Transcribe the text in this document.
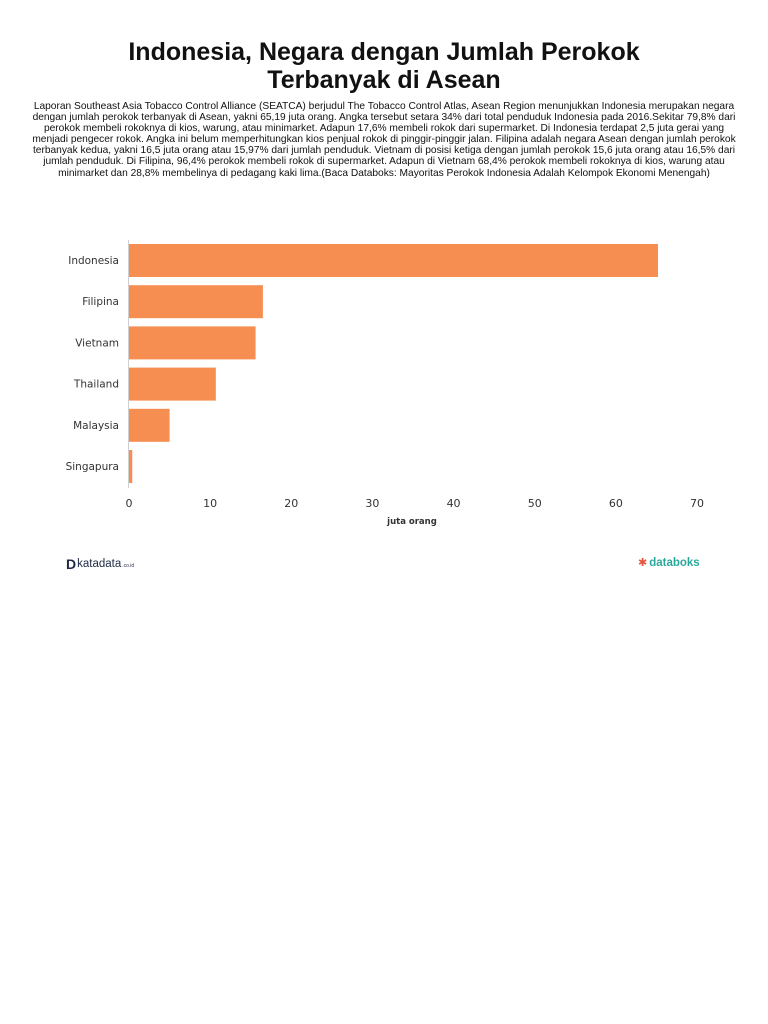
Indonesia, Negara dengan Jumlah Perokok Terbanyak di Asean

Laporan Southeast Asia Tobacco Control Alliance (SEATCA) berjudul The Tobacco Control Atlas, Asean Region menunjukkan Indonesia merupakan negara dengan jumlah perokok terbanyak di Asean, yakni 65,19 juta orang. Angka tersebut setara 34% dari total penduduk Indonesia pada 2016.Sekitar 79,8% dari perokok membeli rokoknya di kios, warung, atau minimarket. Adapun 17,6% membeli rokok dari supermarket. Di Indonesia terdapat 2,5 juta gerai yang menjadi pengecer rokok. Angka ini belum memperhitungkan kios penjual rokok di pinggir-pinggir jalan. Filipina adalah negara Asean dengan jumlah perokok terbanyak kedua, yakni 16,5 juta orang atau 15,97% dari jumlah penduduk. Vietnam di posisi ketiga dengan jumlah perokok 15,6 juta orang atau 16,5% dari jumlah penduduk. Di Filipina, 96,4% perokok membeli rokok di supermarket. Adapun di Vietnam 68,4% perokok membeli rokoknya di kios, warung atau minimarket dan 28,8% membelinya di pedagang kaki lima.(Baca Databoks: Mayoritas Perokok Indonesia Adalah Kelompok Ekonomi Menengah)

Indonesia
Filipina
Vietnam
Thailand
Malaysia
Singapura
0	10	20	30	40	50	60	70
juta orang
D katadata .co.id	✱ databoks
